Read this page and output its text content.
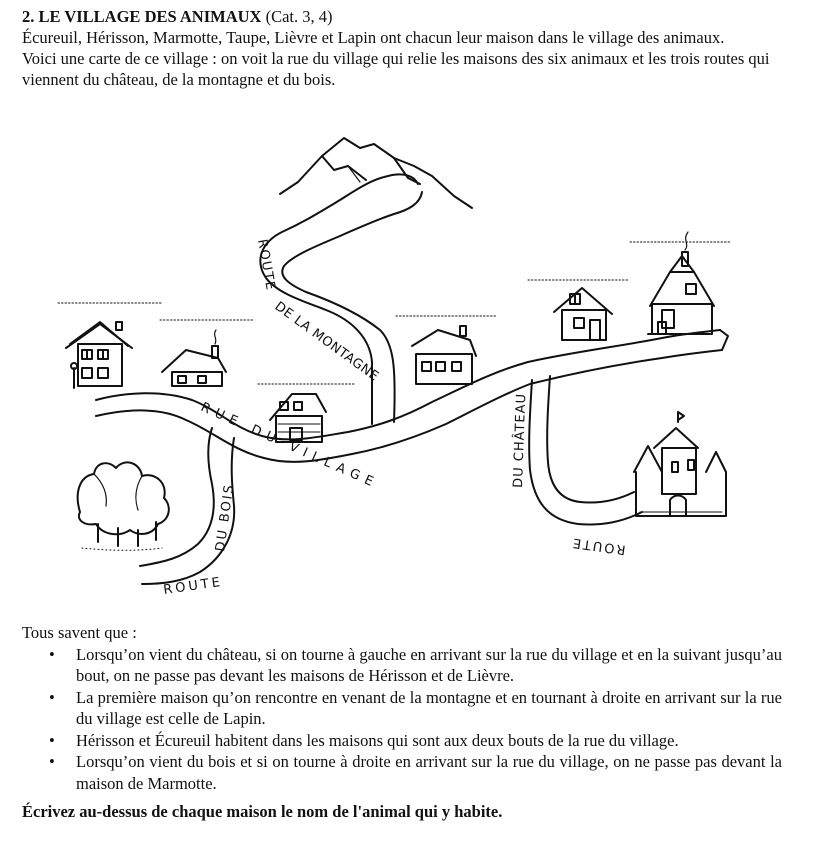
2. LE VILLAGE DES ANIMAUX (Cat. 3, 4)

Écureuil, Hérisson, Marmotte, Taupe, Lièvre et Lapin ont chacun leur maison dans le village des animaux.

Voici une carte de ce village : on voit la rue du village qui relie les maisons des six animaux et les trois routes qui viennent du château, de la montagne et du bois.

RUE DU VILLAGE
ROUTE
DE LA MONTAGNE
ROUTE
DU BOIS	ROUTE
DU CHÂTEAU
Tous savent que :
• Lorsqu’on vient du château, si on tourne à gauche en arrivant sur la rue du village et en la suivant jusqu’au bout, on ne passe pas devant les maisons de Hérisson et de Lièvre.
• La première maison qu’on rencontre en venant de la montagne et en tournant à droite en arrivant sur la rue du village est celle de Lapin.
• Hérisson et Écureuil habitent dans les maisons qui sont aux deux bouts de la rue du village.
• Lorsqu’on vient du bois et si on tourne à droite en arrivant sur la rue du village, on ne passe pas devant la maison de Marmotte.
Écrivez au-dessus de chaque maison le nom de l'animal qui y habite.
